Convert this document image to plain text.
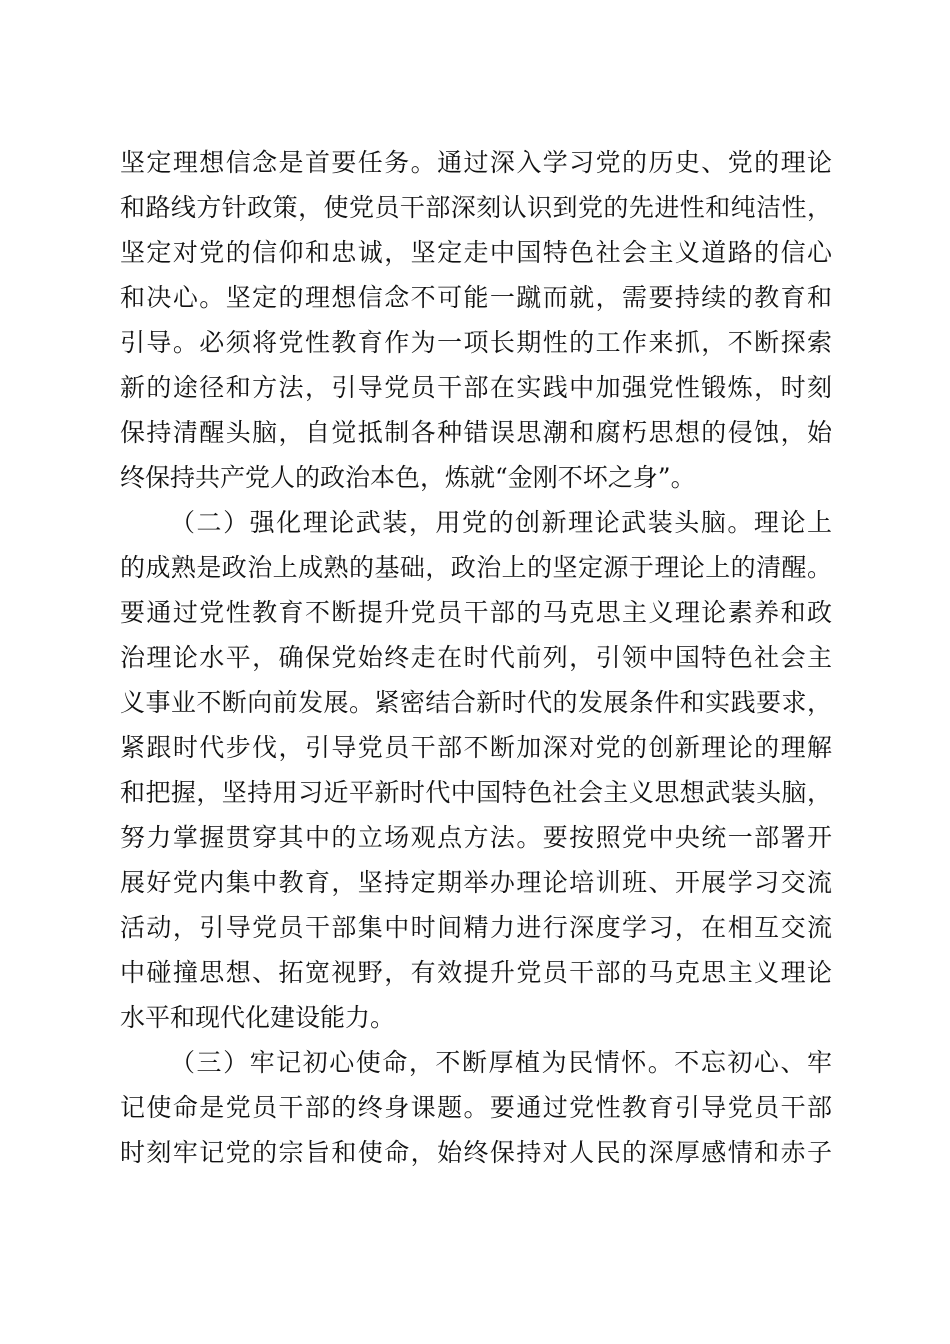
坚定理想信念是首要任务。通过深入学习党的历史、党的理论
和路线方针政策，使党员干部深刻认识到党的先进性和纯洁性，
坚定对党的信仰和忠诚，坚定走中国特色社会主义道路的信心
和决心。坚定的理想信念不可能一蹴而就，需要持续的教育和
引导。必须将党性教育作为一项长期性的工作来抓，不断探索
新的途径和方法，引导党员干部在实践中加强党性锻炼，时刻
保持清醒头脑，自觉抵制各种错误思潮和腐朽思想的侵蚀，始
终保持共产党人的政治本色，炼就“金刚不坏之身”。
（二）强化理论武装，用党的创新理论武装头脑。理论上
的成熟是政治上成熟的基础，政治上的坚定源于理论上的清醒。
要通过党性教育不断提升党员干部的马克思主义理论素养和政
治理论水平，确保党始终走在时代前列，引领中国特色社会主
义事业不断向前发展。紧密结合新时代的发展条件和实践要求，
紧跟时代步伐，引导党员干部不断加深对党的创新理论的理解
和把握，坚持用习近平新时代中国特色社会主义思想武装头脑，
努力掌握贯穿其中的立场观点方法。要按照党中央统一部署开
展好党内集中教育，坚持定期举办理论培训班、开展学习交流
活动，引导党员干部集中时间精力进行深度学习，在相互交流
中碰撞思想、拓宽视野，有效提升党员干部的马克思主义理论
水平和现代化建设能力。
（三）牢记初心使命，不断厚植为民情怀。不忘初心、牢
记使命是党员干部的终身课题。要通过党性教育引导党员干部
时刻牢记党的宗旨和使命，始终保持对人民的深厚感情和赤子
